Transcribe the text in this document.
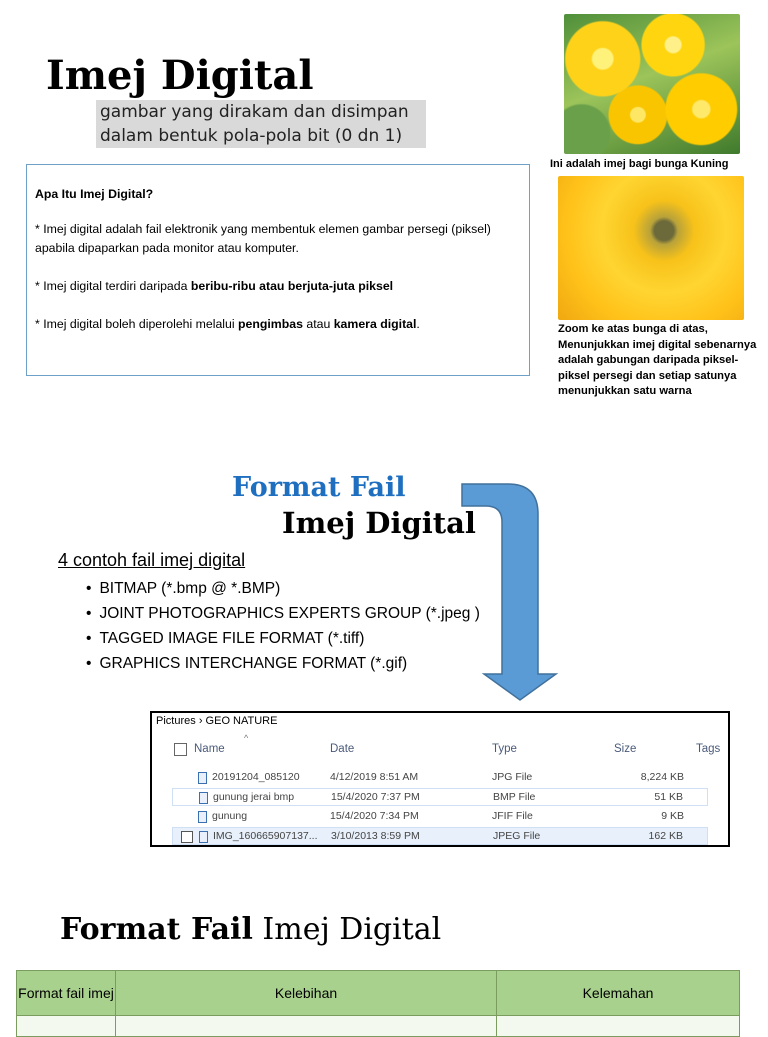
Imej Digital
gambar yang dirakam dan disimpan dalam bentuk pola-pola bit (0 dn 1)

Apa Itu Imej Digital?

* Imej digital adalah fail elektronik yang membentuk elemen gambar persegi (piksel) apabila dipaparkan pada monitor atau komputer.

* Imej digital terdiri daripada beribu-ribu atau berjuta-juta piksel

* Imej digital boleh diperolehi melalui pengimbas atau kamera digital.

Ini adalah imej bagi bunga Kuning
Zoom ke atas bunga di atas, Menunjukkan imej digital sebenarnya adalah gabungan daripada piksel-piksel persegi dan setiap satunya menunjukkan satu warna
Format Fail
Imej Digital
4 contoh fail imej digital
• BITMAP (*.bmp @ *.BMP)
• JOINT PHOTOGRAPHICS EXPERTS GROUP (*.jpeg )
• TAGGED IMAGE FILE FORMAT (*.tiff)
• GRAPHICS INTERCHANGE FORMAT (*.gif)
Pictures › GEO NATURE
^
Name	Date	Type	Size	Tags
20191204_085120	4/12/2019 8:51 AM	JPG File	8,224 KB
gunung jerai bmp	15/4/2020 7:37 PM	BMP File	51 KB
gunung	15/4/2020 7:34 PM	JFIF File	9 KB
IMG_160665907137... 3/10/2013 8:59 PM	JPEG File	162 KB
Format Fail Imej Digital
Format fail imej	Kelebihan	Kelemahan
